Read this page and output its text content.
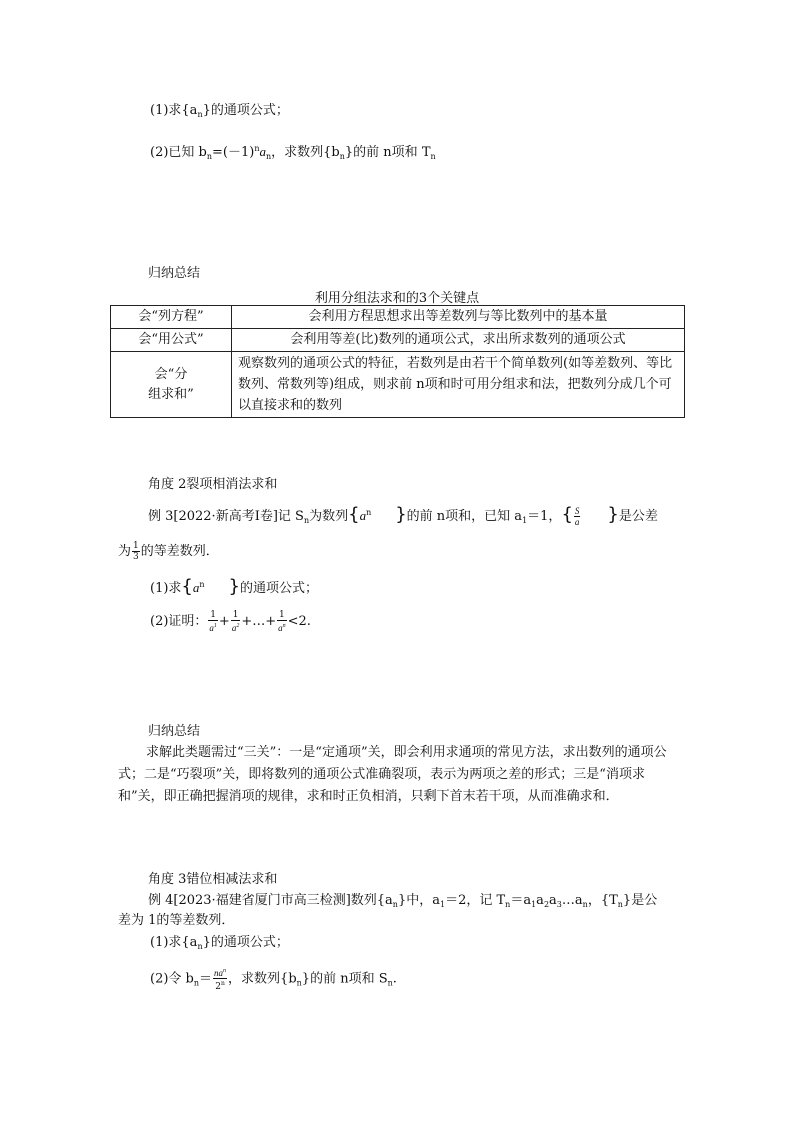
(1)求$\{a_n\}$的通项公式；
(2)已知 $b_n=(-1)^na_n$，求数列$\{b_n\}$的前 n项和 $T_n$
归纳总结
利用分组法求和的3个关键点
会“列方程”	会利用方程思想求出等差数列与等比数列中的基本量
会“用公式”	会利用等差(比)数列的通项公式，求出所求数列的通项公式

会“分
组求和”	观察数列的通项公式的特征，若数列是由若干个简单数列(如等差数列、等比数列、常数列等)组成，则求前 n项和时可用分组求和法，把数列分成几个可以直接求和的数列
角度 2裂项相消法求和
例 3[2022·新高考Ⅰ卷]记 $S_n$为数列{$a^n$ }的前 n项和，已知 $a_1=1$，{ $\frac{S}{a}$ }是公差
为 $\frac{1}{3}$ 的等差数列．
(1)求{$a^n$ }的通项公式；
(2)证明： $\frac{1}{a^1} + \frac{1}{a^2}$ +…+ $\frac{1}{a^n} <2$.
归纳总结
求解此类题需过“三关”：一是“定通项”关，即会利用求通项的常见方法，求出数列的通项公式；二是“巧裂项”关，即将数列的通项公式准确裂项，表示为两项之差的形式；三是“消项求和”关，即正确把握消项的规律，求和时正负相消，只剩下首末若干项，从而准确求和．
角度 3错位相减法求和
例 4[2023·福建省厦门市高三检测]数列$\{a_n\}$中，$a_1=2$，记 $T_n=a_1a_2a_3\dots a_n$，$\{T_n\}$是公
差为 1的等差数列．
(1)求$\{a_n\}$的通项公式；
(2)令 $b_n= \frac{na^n}{2^n}$ ，求数列$\{b_n\}$的前 n项和 $S_n$.
